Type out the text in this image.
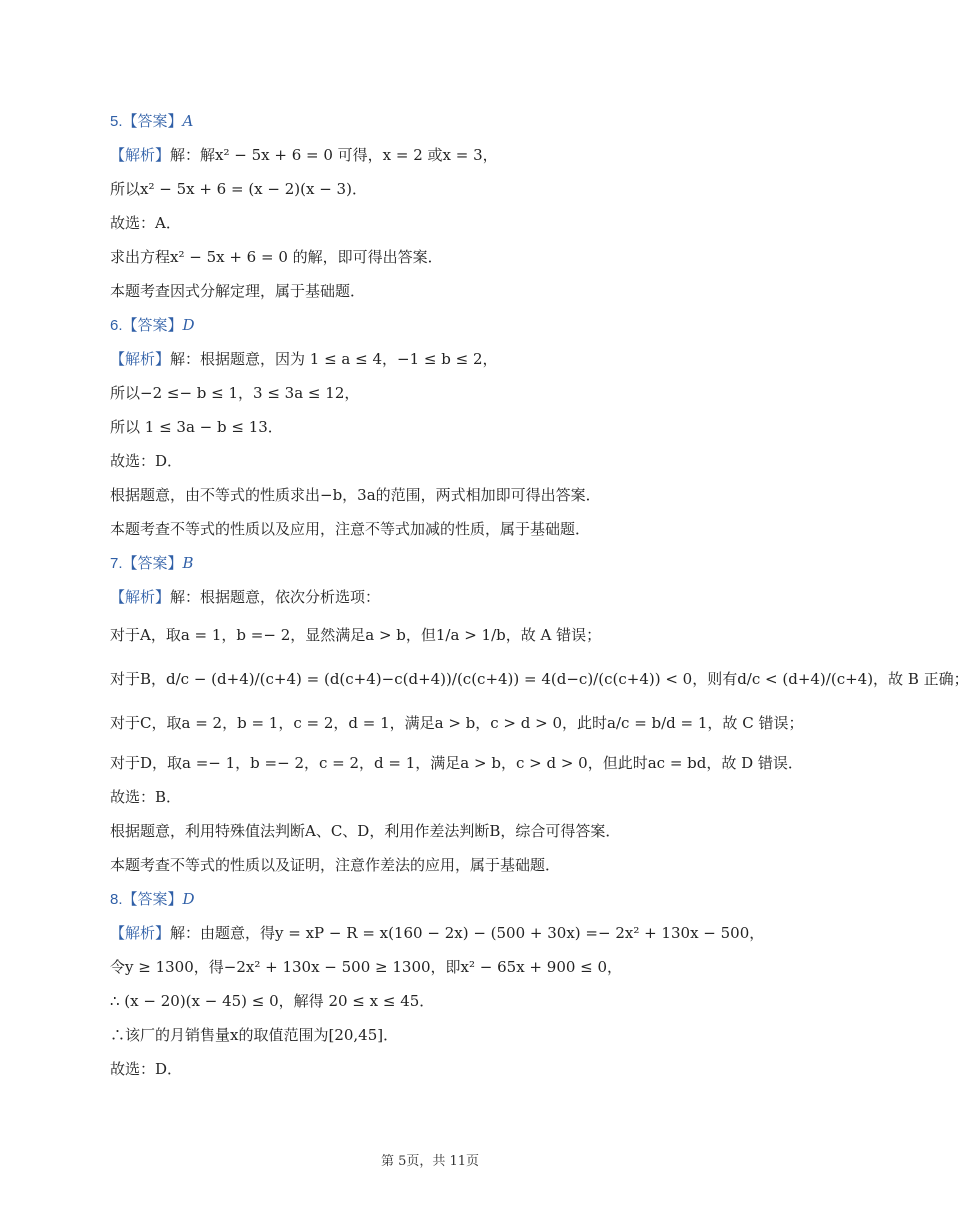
5.【答案】A
【解析】解：解x² − 5x + 6 = 0 可得，x = 2 或x = 3，
所以x² − 5x + 6 = (x − 2)(x − 3)．
故选：A．
求出方程x² − 5x + 6 = 0 的解，即可得出答案．
本题考查因式分解定理，属于基础题．
6.【答案】D
【解析】解：根据题意，因为 1 ≤ a ≤ 4，−1 ≤ b ≤ 2，
所以−2 ≤− b ≤ 1，3 ≤ 3a ≤ 12，
所以 1 ≤ 3a − b ≤ 13．
故选：D．
根据题意，由不等式的性质求出−b，3a的范围，两式相加即可得出答案．
本题考查不等式的性质以及应用，注意不等式加减的性质，属于基础题．
7.【答案】B
【解析】解：根据题意，依次分析选项：
对于A，取a = 1，b =− 2，显然满足a > b，但1/a > 1/b，故 A 错误；
对于B，d/c − (d+4)/(c+4) = (d(c+4)−c(d+4))/(c(c+4)) = 4(d−c)/(c(c+4)) < 0，则有d/c < (d+4)/(c+4)，故 B 正确；
对于C，取a = 2，b = 1，c = 2，d = 1，满足a > b，c > d > 0，此时a/c = b/d = 1，故 C 错误；
对于D，取a =− 1，b =− 2，c = 2，d = 1，满足a > b，c > d > 0，但此时ac = bd，故 D 错误．
故选：B．
根据题意，利用特殊值法判断A、C、D，利用作差法判断B，综合可得答案．
本题考查不等式的性质以及证明，注意作差法的应用，属于基础题．
8.【答案】D
【解析】解：由题意，得y = xP − R = x(160 − 2x) − (500 + 30x) =− 2x² + 130x − 500，
令y ≥ 1300，得−2x² + 130x − 500 ≥ 1300，即x² − 65x + 900 ≤ 0，
∴ (x − 20)(x − 45) ≤ 0，解得 20 ≤ x ≤ 45．
∴该厂的月销售量x的取值范围为[20,45]．
故选：D．
第 5页，共 11页
